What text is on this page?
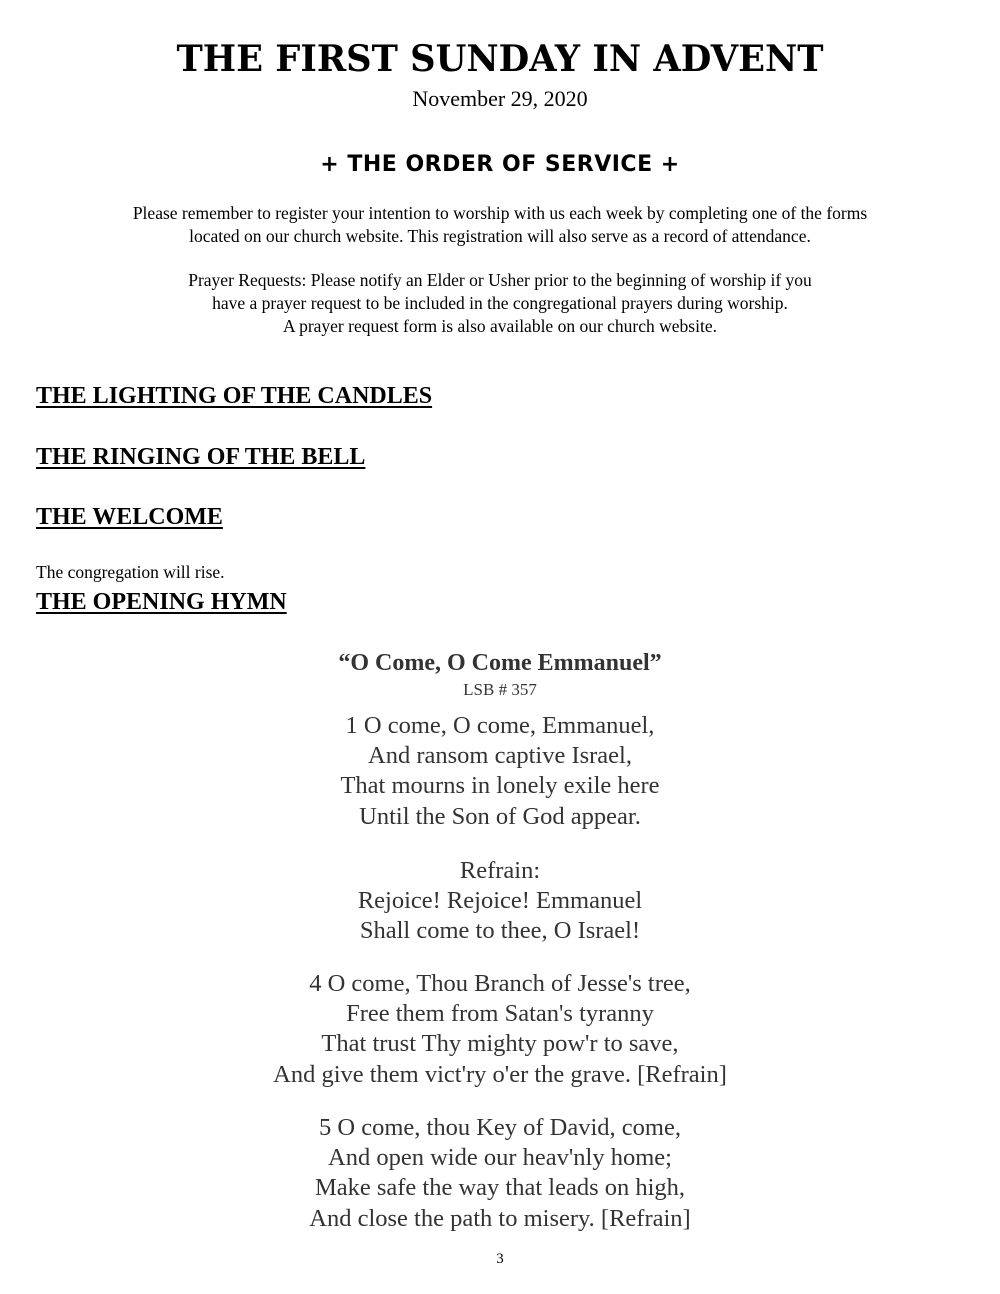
THE FIRST SUNDAY IN ADVENT
November 29, 2020
+ THE ORDER OF SERVICE +
Please remember to register your intention to worship with us each week by completing one of the forms
located on our church website. This registration will also serve as a record of attendance.
Prayer Requests: Please notify an Elder or Usher prior to the beginning of worship if you
have a prayer request to be included in the congregational prayers during worship.
A prayer request form is also available on our church website.
THE LIGHTING OF THE CANDLES
THE RINGING OF THE BELL
THE WELCOME
The congregation will rise.
THE OPENING HYMN
“O Come, O Come Emmanuel”
LSB # 357
1 O come, O come, Emmanuel,
And ransom captive Israel,
That mourns in lonely exile here
Until the Son of God appear.
Refrain:
Rejoice! Rejoice! Emmanuel
Shall come to thee, O Israel!
4 O come, Thou Branch of Jesse's tree,
Free them from Satan's tyranny
That trust Thy mighty pow'r to save,
And give them vict'ry o'er the grave. [Refrain]
5 O come, thou Key of David, come,
And open wide our heav'nly home;
Make safe the way that leads on high,
And close the path to misery. [Refrain]
3
